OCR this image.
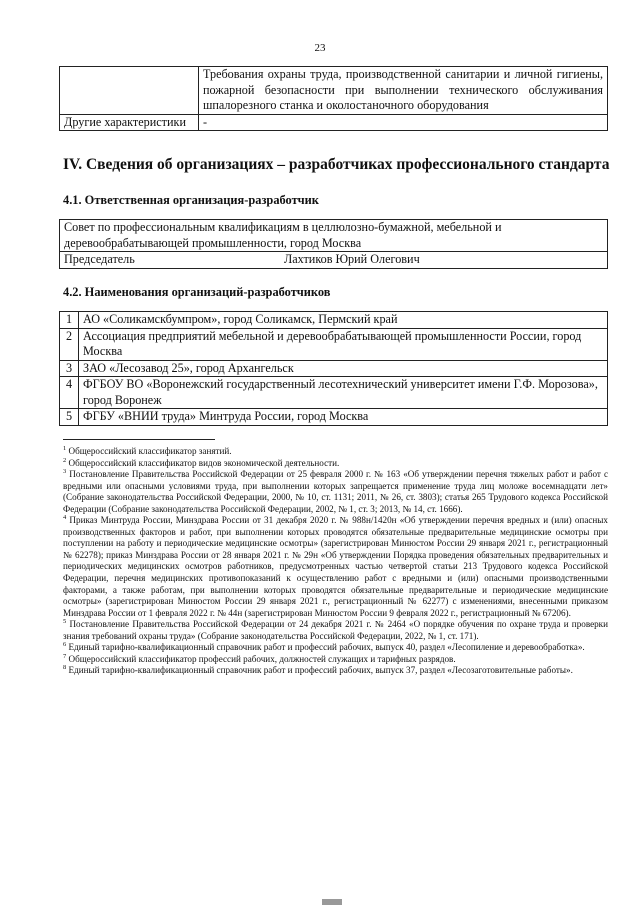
23
	Требования охраны труда, производственной санитарии и личной гигиены, пожарной безопасности при выполнении технического обслуживания шпалорезного станка и околостаночного оборудования
Другие характеристики	-
IV. Сведения об организациях – разработчиках профессионального стандарта
4.1. Ответственная организация-разработчик
Совет по профессиональным квалификациям в целлюлозно-бумажной, мебельной и деревообрабатывающей промышленности, город Москва
Председатель	Лахтиков Юрий Олегович
4.2. Наименования организаций-разработчиков
1	АО «Соликамскбумпром», город Соликамск, Пермский край
2	Ассоциация предприятий мебельной и деревообрабатывающей промышленности России, город Москва
3	ЗАО «Лесозавод 25», город Архангельск
4	ФГБОУ ВО «Воронежский государственный лесотехнический университет имени Г.Ф. Морозова», город Воронеж
5	ФГБУ «ВНИИ труда» Минтруда России, город Москва

$^1$ Общероссийский классификатор занятий.

$^2$ Общероссийский классификатор видов экономической деятельности.

$^3$ Постановление Правительства Российской Федерации от 25 февраля 2000 г. № 163 «Об утверждении перечня тяжелых работ и работ с вредными или опасными условиями труда, при выполнении которых запрещается применение труда лиц моложе восемнадцати лет» (Собрание законодательства Российской Федерации, 2000, № 10, ст. 1131; 2011, № 26, ст. 3803); статья 265 Трудового кодекса Российской Федерации (Собрание законодательства Российской Федерации, 2002, № 1, ст. 3; 2013, № 14, ст. 1666).

$^4$ Приказ Минтруда России, Минздрава России от 31 декабря 2020 г. № 988н/1420н «Об утверждении перечня вредных и (или) опасных производственных факторов и работ, при выполнении которых проводятся обязательные предварительные медицинские осмотры при поступлении на работу и периодические медицинские осмотры» (зарегистрирован Минюстом России 29 января 2021 г., регистрационный № 62278); приказ Минздрава России от 28 января 2021 г. № 29н «Об утверждении Порядка проведения обязательных предварительных и периодических медицинских осмотров работников, предусмотренных частью четвертой статьи 213 Трудового кодекса Российской Федерации, перечня медицинских противопоказаний к осуществлению работ с вредными и (или) опасными производственными факторами, а также работам, при выполнении которых проводятся обязательные предварительные и периодические медицинские осмотры» (зарегистрирован Минюстом России 29 января 2021 г., регистрационный № 62277) с изменениями, внесенными приказом Минздрава России от 1 февраля 2022 г. № 44н (зарегистрирован Минюстом России 9 февраля 2022 г., регистрационный № 67206).

$^5$ Постановление Правительства Российской Федерации от 24 декабря 2021 г. № 2464 «О порядке обучения по охране труда и проверки знания требований охраны труда» (Собрание законодательства Российской Федерации, 2022, № 1, ст. 171).

$^6$ Единый тарифно-квалификационный справочник работ и профессий рабочих, выпуск 40, раздел «Лесопиление и деревообработка».

$^7$ Общероссийский классификатор профессий рабочих, должностей служащих и тарифных разрядов.

$^8$ Единый тарифно-квалификационный справочник работ и профессий рабочих, выпуск 37, раздел «Лесозаготовительные работы».
